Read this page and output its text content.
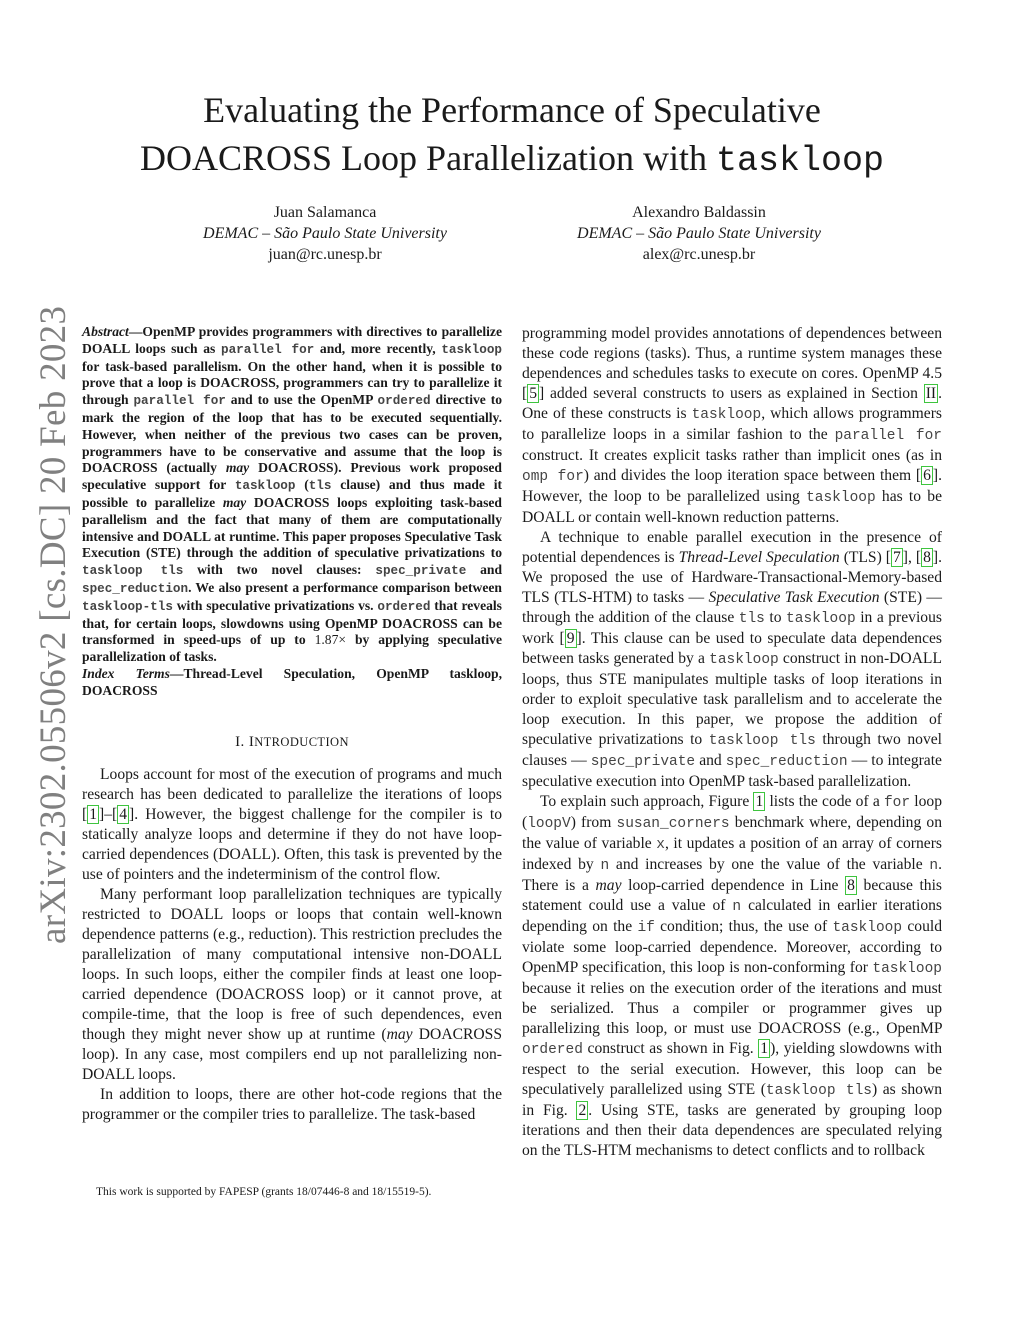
arXiv:2302.05506v2 [cs.DC] 20 Feb 2023
Evaluating the Performance of Speculative
DOACROSS Loop Parallelization with taskloop
Juan Salamanca
DEMAC – São Paulo State University
juan@rc.unesp.br
Alexandro Baldassin
DEMAC – São Paulo State University
alex@rc.unesp.br

Abstract—OpenMP provides programmers with directives to parallelize DOALL loops such as parallel for and, more recently, taskloop for task-based parallelism. On the other hand, when it is possible to prove that a loop is DOACROSS, programmers can try to parallelize it through parallel for and to use the OpenMP ordered directive to mark the region of the loop that has to be executed sequentially. However, when neither of the previous two cases can be proven, programmers have to be conservative and assume that the loop is DOACROSS (actually may DOACROSS). Previous work proposed speculative support for taskloop (tls clause) and thus made it possible to parallelize may DOACROSS loops exploiting task-based parallelism and the fact that many of them are computationally intensive and DOALL at runtime. This paper proposes Speculative Task Execution (STE) through the addition of speculative privatizations to taskloop tls with two novel clauses: spec_private and spec_reduction. We also present a performance comparison between taskloop-tls with speculative privatizations vs. ordered that reveals that, for certain loops, slowdowns using OpenMP DOACROSS can be transformed in speed-ups of up to 1.87× by applying speculative parallelization of tasks.

Index Terms—Thread-Level Speculation, OpenMP taskloop, DOACROSS

I. INTRODUCTION

Loops account for most of the execution of programs and much research has been dedicated to parallelize the iterations of loops [ 1 ]–[ 4 ]. However, the biggest challenge for the compiler is to statically analyze loops and determine if they do not have loop-carried dependences (DOALL). Often, this task is prevented by the use of pointers and the indeterminism of the control flow.

Many performant loop parallelization techniques are typically restricted to DOALL loops or loops that contain well-known dependence patterns (e.g., reduction). This restriction precludes the parallelization of many computational intensive non-DOALL loops. In such loops, either the compiler finds at least one loop-carried dependence (DOACROSS loop) or it cannot prove, at compile-time, that the loop is free of such dependences, even though they might never show up at runtime (may DOACROSS loop). In any case, most compilers end up not parallelizing non-DOALL loops.

In addition to loops, there are other hot-code regions that the programmer or the compiler tries to parallelize. The task-based

This work is supported by FAPESP (grants 18/07446-8 and 18/15519-5).

programming model provides annotations of dependences between these code regions (tasks). Thus, a runtime system manages these dependences and schedules tasks to execute on cores. OpenMP 4.5 [ 5 ] added several constructs to users as explained in Section II . One of these constructs is taskloop, which allows programmers to parallelize loops in a similar fashion to the parallel for construct. It creates explicit tasks rather than implicit ones (as in omp for) and divides the loop iteration space between them [ 6 ]. However, the loop to be parallelized using taskloop has to be DOALL or contain well-known reduction patterns.

A technique to enable parallel execution in the presence of potential dependences is Thread-Level Speculation (TLS) [ 7 ], [ 8 ]. We proposed the use of Hardware-Transactional-Memory-based TLS (TLS-HTM) to tasks — Speculative Task Execution (STE) — through the addition of the clause tls to taskloop in a previous work [ 9 ]. This clause can be used to speculate data dependences between tasks generated by a taskloop construct in non-DOALL loops, thus STE manipulates multiple tasks of loop iterations in order to exploit speculative task parallelism and to accelerate the loop execution. In this paper, we propose the addition of speculative privatizations to taskloop tls through two novel clauses — spec_private and spec_reduction — to integrate speculative execution into OpenMP task-based parallelization.

To explain such approach, Figure 1 lists the code of a for loop (loopV) from susan_corners benchmark where, depending on the value of variable x, it updates a position of an array of corners indexed by n and increases by one the value of the variable n. There is a may loop-carried dependence in Line 8 because this statement could use a value of n calculated in earlier iterations depending on the if condition; thus, the use of taskloop could violate some loop-carried dependence. Moreover, according to OpenMP specification, this loop is non-conforming for taskloop because it relies on the execution order of the iterations and must be serialized. Thus a compiler or programmer gives up parallelizing this loop, or must use DOACROSS (e.g., OpenMP ordered construct as shown in Fig. 1 ), yielding slowdowns with respect to the serial execution. However, this loop can be speculatively parallelized using STE (taskloop tls) as shown in Fig. 2 . Using STE, tasks are generated by grouping loop iterations and then their data dependences are speculated relying on the TLS-HTM mechanisms to detect conflicts and to rollback
